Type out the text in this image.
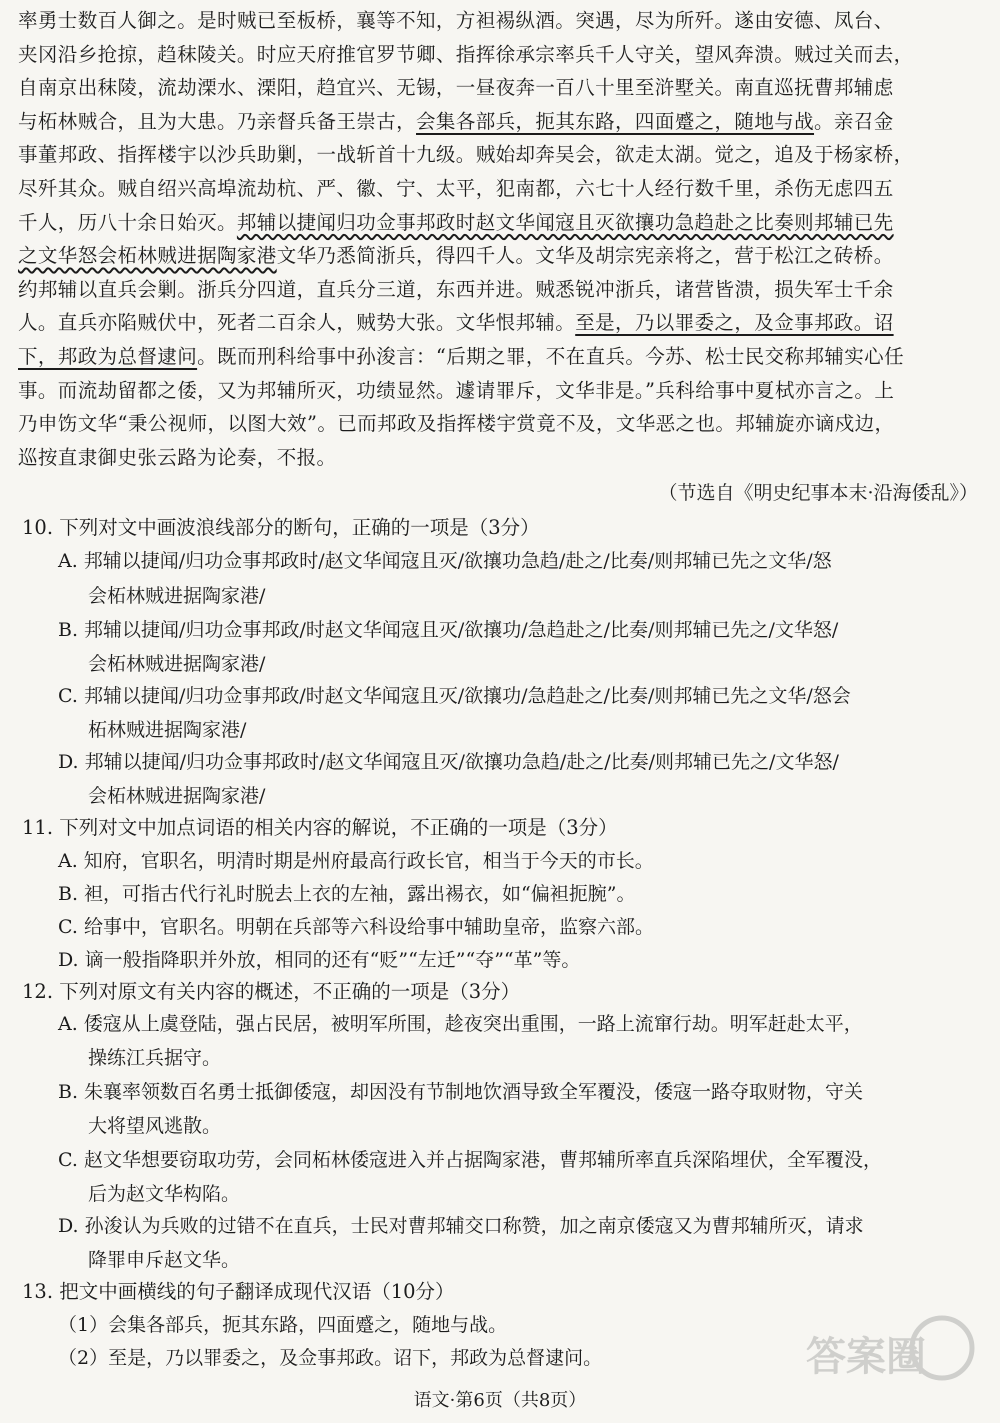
率勇士数百人御之。是时贼已至板桥，襄等不知，方袒裼纵酒。突遇，尽为所歼。遂由安德、凤台、
夹冈沿乡抢掠，趋秣陵关。时应天府推官罗节卿、指挥徐承宗率兵千人守关，望风奔溃。贼过关而去，
自南京出秣陵，流劫溧水、溧阳，趋宜兴、无锡，一昼夜奔一百八十里至浒墅关。南直巡抚曹邦辅虑
与柘林贼合，且为大患。乃亲督兵备王崇古，会集各部兵，扼其东路，四面蹙之，随地与战。亲召金
事董邦政、指挥楼宇以沙兵助剿，一战斩首十九级。贼始却奔吴会，欲走太湖。觉之，追及于杨家桥，
尽歼其众。贼自绍兴高埠流劫杭、严、徽、宁、太平，犯南都，六七十人经行数千里，杀伤无虑四五
千人，历八十余日始灭。邦辅以捷闻归功佥事邦政时赵文华闻寇且灭欲攘功急趋赴之比奏则邦辅已先
之文华怒会柘林贼进据陶家港文华乃悉简浙兵，得四千人。文华及胡宗宪亲将之，营于松江之砖桥。
约邦辅以直兵会剿。浙兵分四道，直兵分三道，东西并进。贼悉锐冲浙兵，诸营皆溃，损失军士千余
人。直兵亦陷贼伏中，死者二百余人，贼势大张。文华恨邦辅。至是，乃以罪委之，及佥事邦政。诏
下，邦政为总督逮问。既而刑科给事中孙浚言：“后期之罪，不在直兵。今苏、松士民交称邦辅实心任
事。而流劫留都之倭，又为邦辅所灭，功绩显然。遽请罪斥，文华非是。”兵科给事中夏栻亦言之。上
乃申饬文华“秉公视师，以图大效”。已而邦政及指挥楼宇赏竟不及，文华恶之也。邦辅旋亦谪戍边，
巡按直隶御史张云路为论奏，不报。
（节选自《明史纪事本末·沿海倭乱》）
10. 下列对文中画波浪线部分的断句，正确的一项是（3分）
A. 邦辅以捷闻/归功佥事邦政时/赵文华闻寇且灭/欲攘功急趋/赴之/比奏/则邦辅已先之文华/怒
会柘林贼进据陶家港/
B. 邦辅以捷闻/归功佥事邦政/时赵文华闻寇且灭/欲攘功/急趋赴之/比奏/则邦辅已先之/文华怒/
会柘林贼进据陶家港/
C. 邦辅以捷闻/归功佥事邦政/时赵文华闻寇且灭/欲攘功/急趋赴之/比奏/则邦辅已先之文华/怒会
柘林贼进据陶家港/
D. 邦辅以捷闻/归功佥事邦政时/赵文华闻寇且灭/欲攘功急趋/赴之/比奏/则邦辅已先之/文华怒/
会柘林贼进据陶家港/
11. 下列对文中加点词语的相关内容的解说，不正确的一项是（3分）
A. 知府，官职名，明清时期是州府最高行政长官，相当于今天的市长。
B. 袒，可指古代行礼时脱去上衣的左袖，露出裼衣，如“偏袒扼腕”。
C. 给事中，官职名。明朝在兵部等六科设给事中辅助皇帝，监察六部。
D. 谪一般指降职并外放，相同的还有“贬”“左迁”“夺”“革”等。
12. 下列对原文有关内容的概述，不正确的一项是（3分）
A. 倭寇从上虞登陆，强占民居，被明军所围，趁夜突出重围，一路上流窜行劫。明军赶赴太平，
操练江兵据守。
B. 朱襄率领数百名勇士抵御倭寇，却因没有节制地饮酒导致全军覆没，倭寇一路夺取财物，守关
大将望风逃散。
C. 赵文华想要窃取功劳，会同柘林倭寇进入并占据陶家港，曹邦辅所率直兵深陷埋伏，全军覆没，
后为赵文华构陷。
D. 孙浚认为兵败的过错不在直兵，士民对曹邦辅交口称赞，加之南京倭寇又为曹邦辅所灭，请求
降罪申斥赵文华。
13. 把文中画横线的句子翻译成现代汉语（10分）
（1）会集各部兵，扼其东路，四面蹙之，随地与战。
（2）至是，乃以罪委之，及佥事邦政。诏下，邦政为总督逮问。
语文·第6页（共8页）
答案圈
